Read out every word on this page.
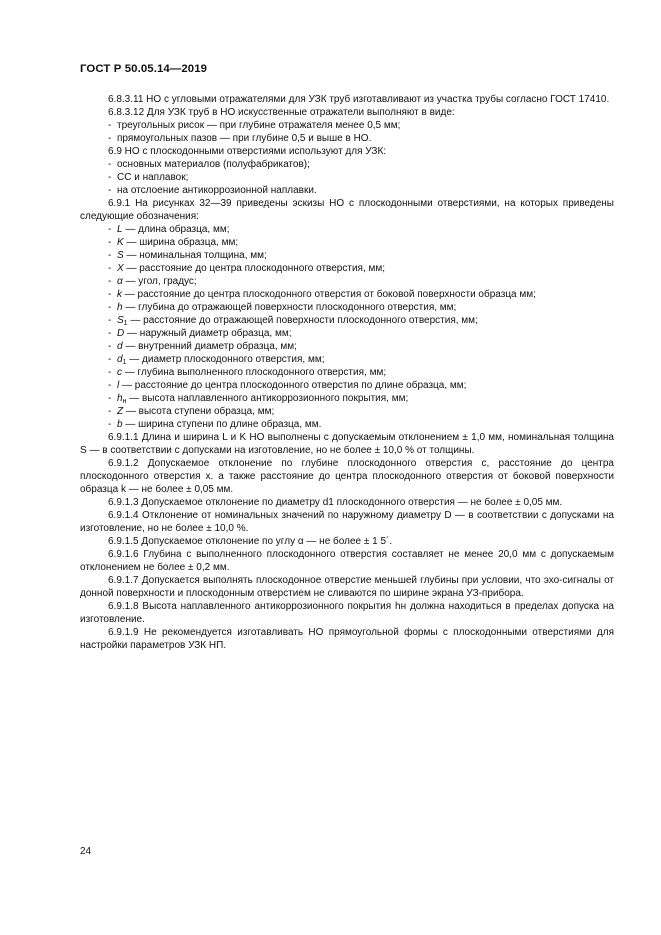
ГОСТ Р 50.05.14—2019
6.8.3.11 НО с угловыми отражателями для УЗК труб изготавливают из участка трубы согласно ГОСТ 17410.
6.8.3.12 Для УЗК труб в НО искусственные отражатели выполняют в виде:
- треугольных рисок — при глубине отражателя менее 0,5 мм;
- прямоугольных пазов — при глубине 0,5 и выше в НО.
6.9 НО с плоскодонными отверстиями используют для УЗК:
- основных материалов (полуфабрикатов);
- СС и наплавок;
- на отслоение антикоррозионной наплавки.
6.9.1 На рисунках 32—39 приведены эскизы НО с плоскодонными отверстиями, на которых приведены следующие обозначения:
- L — длина образца, мм;
- K — ширина образца, мм;
- S — номинальная толщина, мм;
- X — расстояние до центра плоскодонного отверстия, мм;
- α — угол, градус;
- k — расстояние до центра плоскодонного отверстия от боковой поверхности образца мм;
- h — глубина до отражающей поверхности плоскодонного отверстия, мм;
- $S_1$ — расстояние до отражающей поверхности плоскодонного отверстия, мм;
- D — наружный диаметр образца, мм;
- d — внутренний диаметр образца, мм;
- $d_1$ — диаметр плоскодонного отверстия, мм;
- c — глубина выполненного плоскодонного отверстия, мм;
- l — расстояние до центра плоскодонного отверстия по длине образца, мм;
- $h_н$ — высота наплавленного антикоррозионного покрытия, мм;
- Z — высота ступени образца, мм;
- b — ширина ступени по длине образца, мм.
6.9.1.1 Длина и ширина L и K НО выполнены с допускаемым отклонением ± 1,0 мм, номинальная толщина S — в соответствии с допусками на изготовление, но не более ± 10,0 % от толщины.
6.9.1.2 Допускаемое отклонение по глубине плоскодонного отверстия c, расстояние до центра плоскодонного отверстия x. а также расстояние до центра плоскодонного отверстия от боковой поверхности образца k — не более ± 0,05 мм.
6.9.1.3 Допускаемое отклонение по диаметру d1 плоскодонного отверстия — не более ± 0,05 мм.
6.9.1.4 Отклонение от номинальных значений по наружному диаметру D — в соответствии с допусками на изготовление, но не более ± 10,0 %.
6.9.1.5 Допускаемое отклонение по углу α — не более ± 1 5´.
6.9.1.6 Глубина c выполненного плоскодонного отверстия составляет не менее 20,0 мм с допускаемым отклонением не более ± 0,2 мм.
6.9.1.7 Допускается выполнять плоскодонное отверстие меньшей глубины при условии, что эхо-сигналы от донной поверхности и плоскодонным отверстием не сливаются по ширине экрана УЗ-прибора.
6.9.1.8 Высота наплавленного антикоррозионного покрытия hн должна находиться в пределах допуска на изготовление.
6.9.1.9 Не рекомендуется изготавливать НО прямоугольной формы с плоскодонными отверстиями для настройки параметров УЗК НП.
24
